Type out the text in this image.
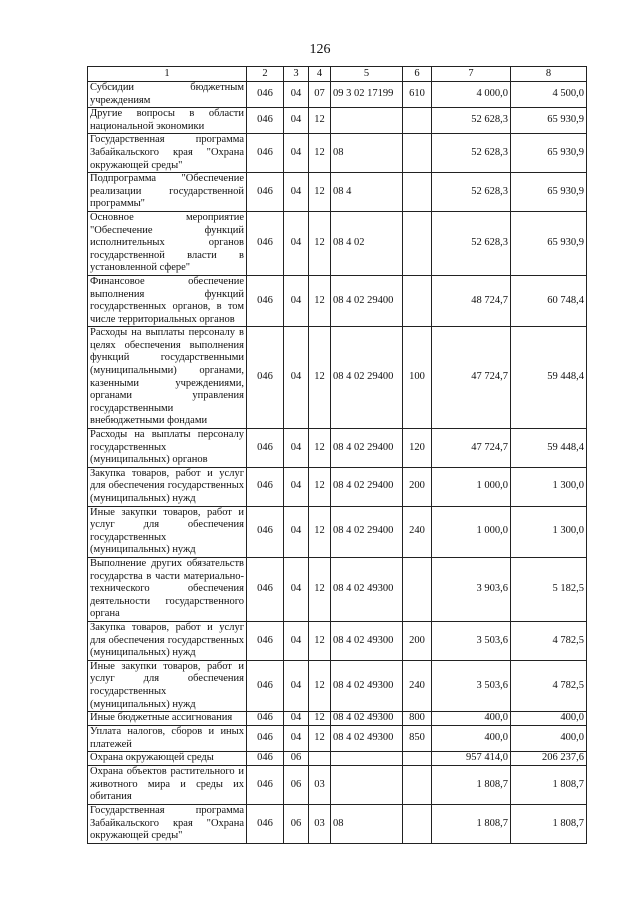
126
1	2	3	4	5	6	7	8
Субсидии бюджетным учреждениям	046	04	07	09 3 02 17199	610	4 000,0	4 500,0
Другие вопросы в области национальной экономики	046	04	12			52 628,3	65 930,9
Государственная программа Забайкальского края "Охрана окружающей среды"	046	04	12	08		52 628,3	65 930,9
Подпрограмма "Обеспечение реализации государственной программы"	046	04	12	08 4		52 628,3	65 930,9
Основное мероприятие "Обеспечение функций исполнительных органов государственной власти в установленной сфере"	046	04	12	08 4 02		52 628,3	65 930,9
Финансовое обеспечение выполнения функций государственных органов, в том числе территориальных органов	046	04	12	08 4 02 29400		48 724,7	60 748,4
Расходы на выплаты персоналу в целях обеспечения выполнения функций государственными (муниципальными) органами, казенными учреждениями, органами управления государственными внебюджетными фондами	046	04	12	08 4 02 29400	100	47 724,7	59 448,4
Расходы на выплаты персоналу государственных (муниципальных) органов	046	04	12	08 4 02 29400	120	47 724,7	59 448,4
Закупка товаров, работ и услуг для обеспечения государственных (муниципальных) нужд	046	04	12	08 4 02 29400	200	1 000,0	1 300,0
Иные закупки товаров, работ и услуг для обеспечения государственных (муниципальных) нужд	046	04	12	08 4 02 29400	240	1 000,0	1 300,0
Выполнение других обязательств государства в части материально-технического обеспечения деятельности государственного органа	046	04	12	08 4 02 49300		3 903,6	5 182,5
Закупка товаров, работ и услуг для обеспечения государственных (муниципальных) нужд	046	04	12	08 4 02 49300	200	3 503,6	4 782,5
Иные закупки товаров, работ и услуг для обеспечения государственных (муниципальных) нужд	046	04	12	08 4 02 49300	240	3 503,6	4 782,5
Иные бюджетные ассигнования	046	04	12	08 4 02 49300	800	400,0	400,0
Уплата налогов, сборов и иных платежей	046	04	12	08 4 02 49300	850	400,0	400,0
Охрана окружающей среды	046	06				957 414,0	206 237,6
Охрана объектов растительного и животного мира и среды их обитания	046	06	03			1 808,7	1 808,7
Государственная программа Забайкальского края "Охрана окружающей среды"	046	06	03	08		1 808,7	1 808,7
